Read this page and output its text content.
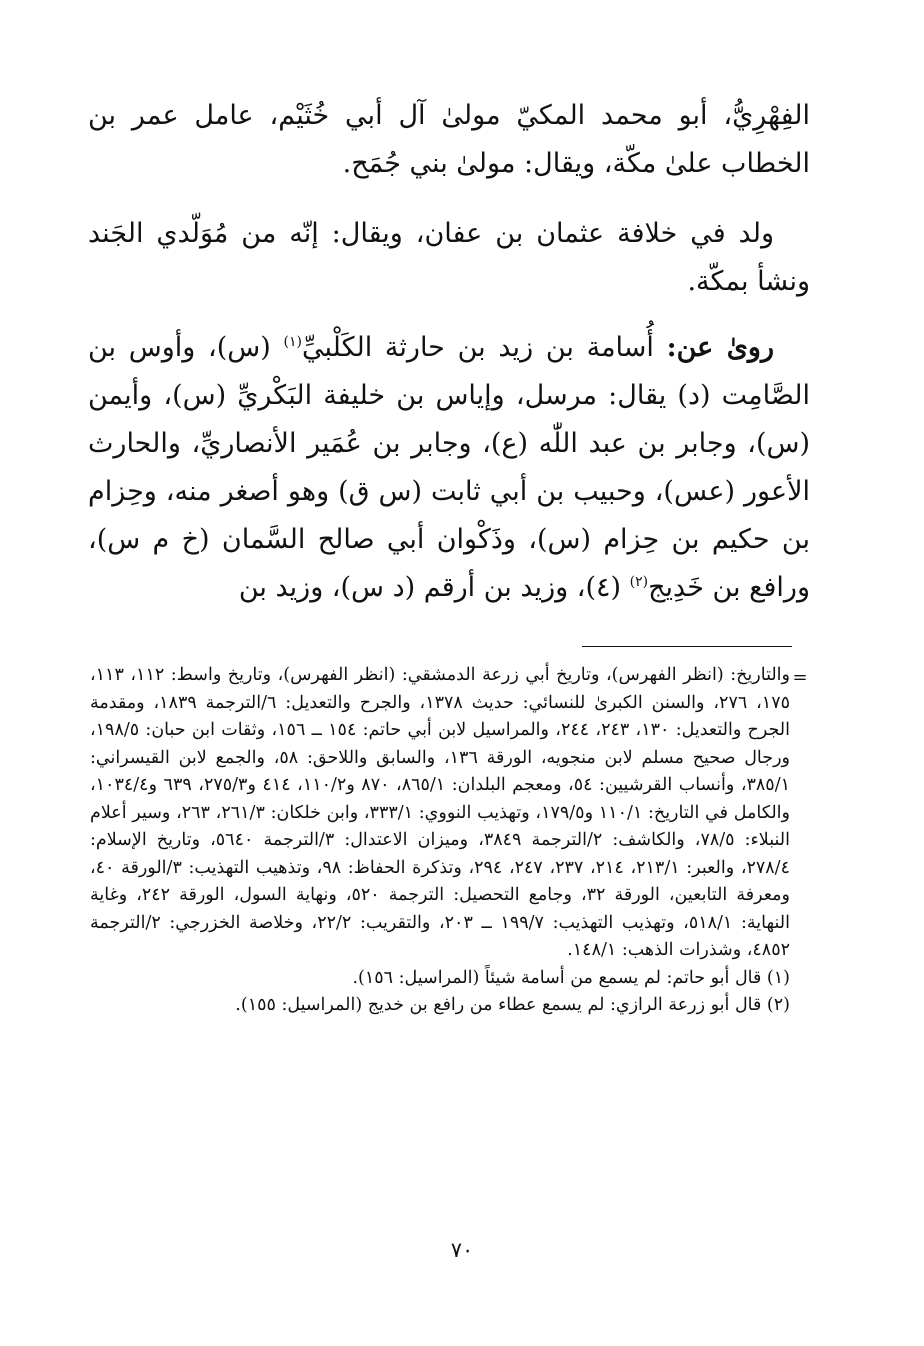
الفِهْرِيُّ، أبو محمد المكيّ مولىٰ آل أبي خُثَيْم، عامل عمر بن الخطاب علىٰ مكّة، ويقال: مولىٰ بني جُمَح.

ولد في خلافة عثمان بن عفان، ويقال: إنّه من مُوَلّدي الجَند ونشأ بمكّة.

روىٰ عن: أُسامة بن زيد بن حارثة الكَلْبيِّ$^{(١)}$ (س)، وأوس بن الصَّامِت (د) يقال: مرسل، وإياس بن خليفة البَكْريِّ (س)، وأيمن (س)، وجابر بن عبد اللّٰه (ع)، وجابر بن عُمَير الأنصاريِّ، والحارث الأعور (عس)، وحبيب بن أبي ثابت (س ق) وهو أصغر منه، وحِزام بن حكيم بن حِزام (س)، وذَكْوان أبي صالح السَّمان (خ م س)، ورافع بن خَدِيج$^{(٢)}$ (٤)، وزيد بن أرقم (د س)، وزيد بن

=

والتاريخ: (انظر الفهرس)، وتاريخ أبي زرعة الدمشقي: (انظر الفهرس)، وتاريخ واسط: ١١٢، ١١٣، ١٧٥، ٢٧٦، والسنن الكبرىٰ للنسائي: حديث ١٣٧٨، والجرح والتعديل: ٦/الترجمة ١٨٣٩، ومقدمة الجرح والتعديل: ١٣٠، ٢٤٣، ٢٤٤، والمراسيل لابن أبي حاتم: ١٥٤ ــ ١٥٦، وثقات ابن حبان: ١٩٨/٥، ورجال صحيح مسلم لابن منجويه، الورقة ١٣٦، والسابق واللاحق: ٥٨، والجمع لابن القيسراني: ٣٨٥/١، وأنساب القرشيين: ٥٤، ومعجم البلدان: ٨٦٥/١، ٨٧٠ و١١٠/٢، ٤١٤ و٢٧٥/٣، ٦٣٩ و١٠٣٤/٤، والكامل في التاريخ: ١١٠/١ و١٧٩/٥، وتهذيب النووي: ٣٣٣/١، وابن خلكان: ٢٦١/٣، ٢٦٣، وسير أعلام النبلاء: ٧٨/٥، والكاشف: ٢/الترجمة ٣٨٤٩، وميزان الاعتدال: ٣/الترجمة ٥٦٤٠، وتاريخ الإسلام: ٢٧٨/٤، والعبر: ٢١٣/١، ٢١٤، ٢٣٧، ٢٤٧، ٢٩٤، وتذكرة الحفاظ: ٩٨، وتذهيب التهذيب: ٣/الورقة ٤٠، ومعرفة التابعين، الورقة ٣٢، وجامع التحصيل: الترجمة ٥٢٠، ونهاية السول، الورقة ٢٤٢، وغاية النهاية: ٥١٨/١، وتهذيب التهذيب: ١٩٩/٧ ــ ٢٠٣، والتقريب: ٢٢/٢، وخلاصة الخزرجي: ٢/الترجمة ٤٨٥٢، وشذرات الذهب: ١٤٨/١.

(١) قال أبو حاتم: لم يسمع من أسامة شيئاً (المراسيل: ١٥٦).

(٢) قال أبو زرعة الرازي: لم يسمع عطاء من رافع بن خديج (المراسيل: ١٥٥).

٧٠
